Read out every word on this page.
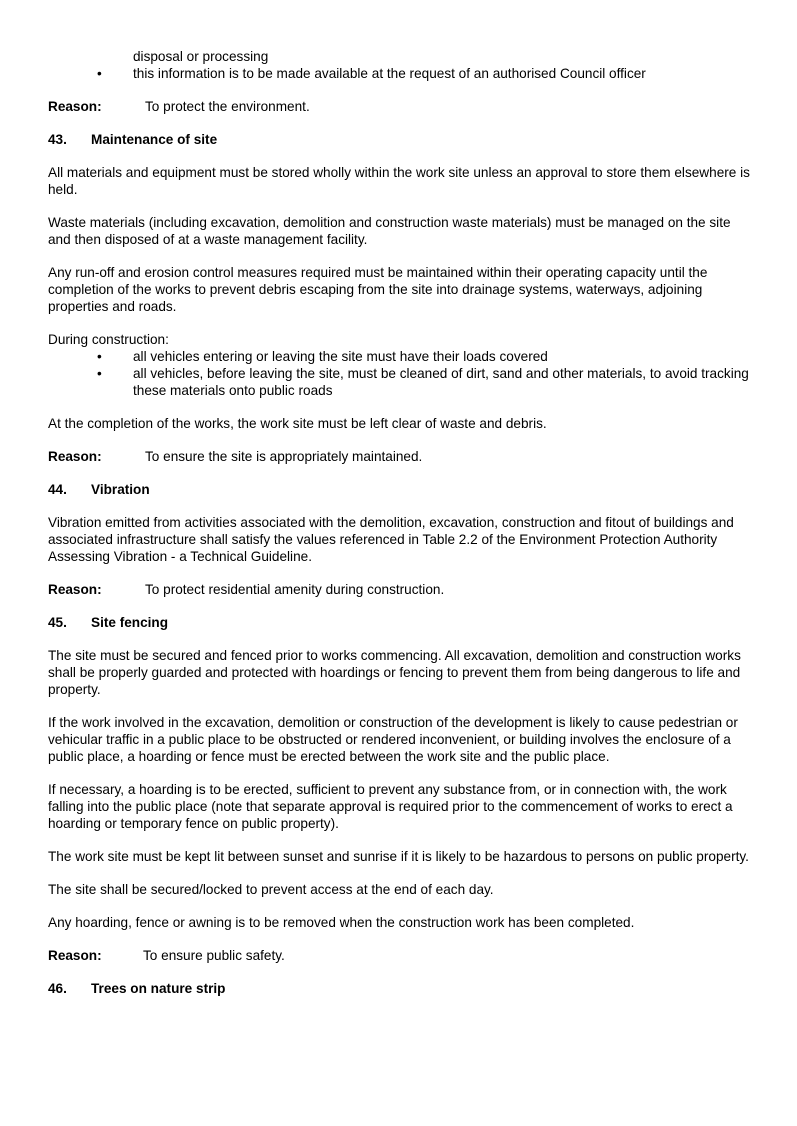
disposal or processing

• this information is to be made available at the request of an authorised Council officer
Reason:	To protect the environment.
43.	Maintenance of site

All materials and equipment must be stored wholly within the work site unless an approval to store them elsewhere is held.

Waste materials (including excavation, demolition and construction waste materials) must be managed on the site and then disposed of at a waste management facility.

Any run-off and erosion control measures required must be maintained within their operating capacity until the completion of the works to prevent debris escaping from the site into drainage systems, waterways, adjoining properties and roads.

During construction:

• all vehicles entering or leaving the site must have their loads covered
• all vehicles, before leaving the site, must be cleaned of dirt, sand and other materials, to avoid tracking these materials onto public roads

At the completion of the works, the work site must be left clear of waste and debris.

Reason:	To ensure the site is appropriately maintained.
44.	Vibration

Vibration emitted from activities associated with the demolition, excavation, construction and fitout of buildings and associated infrastructure shall satisfy the values referenced in Table 2.2 of the Environment Protection Authority Assessing Vibration - a Technical Guideline.

Reason:	To protect residential amenity during construction.
45.	Site fencing

The site must be secured and fenced prior to works commencing. All excavation, demolition and construction works shall be properly guarded and protected with hoardings or fencing to prevent them from being dangerous to life and property.

If the work involved in the excavation, demolition or construction of the development is likely to cause pedestrian or vehicular traffic in a public place to be obstructed or rendered inconvenient, or building involves the enclosure of a public place, a hoarding or fence must be erected between the work site and the public place.

If necessary, a hoarding is to be erected, sufficient to prevent any substance from, or in connection with, the work falling into the public place (note that separate approval is required prior to the commencement of works to erect a hoarding or temporary fence on public property).

The work site must be kept lit between sunset and sunrise if it is likely to be hazardous to persons on public property.

The site shall be secured/locked to prevent access at the end of each day.

Any hoarding, fence or awning is to be removed when the construction work has been completed.

Reason:	To ensure public safety.
46.	Trees on nature strip
